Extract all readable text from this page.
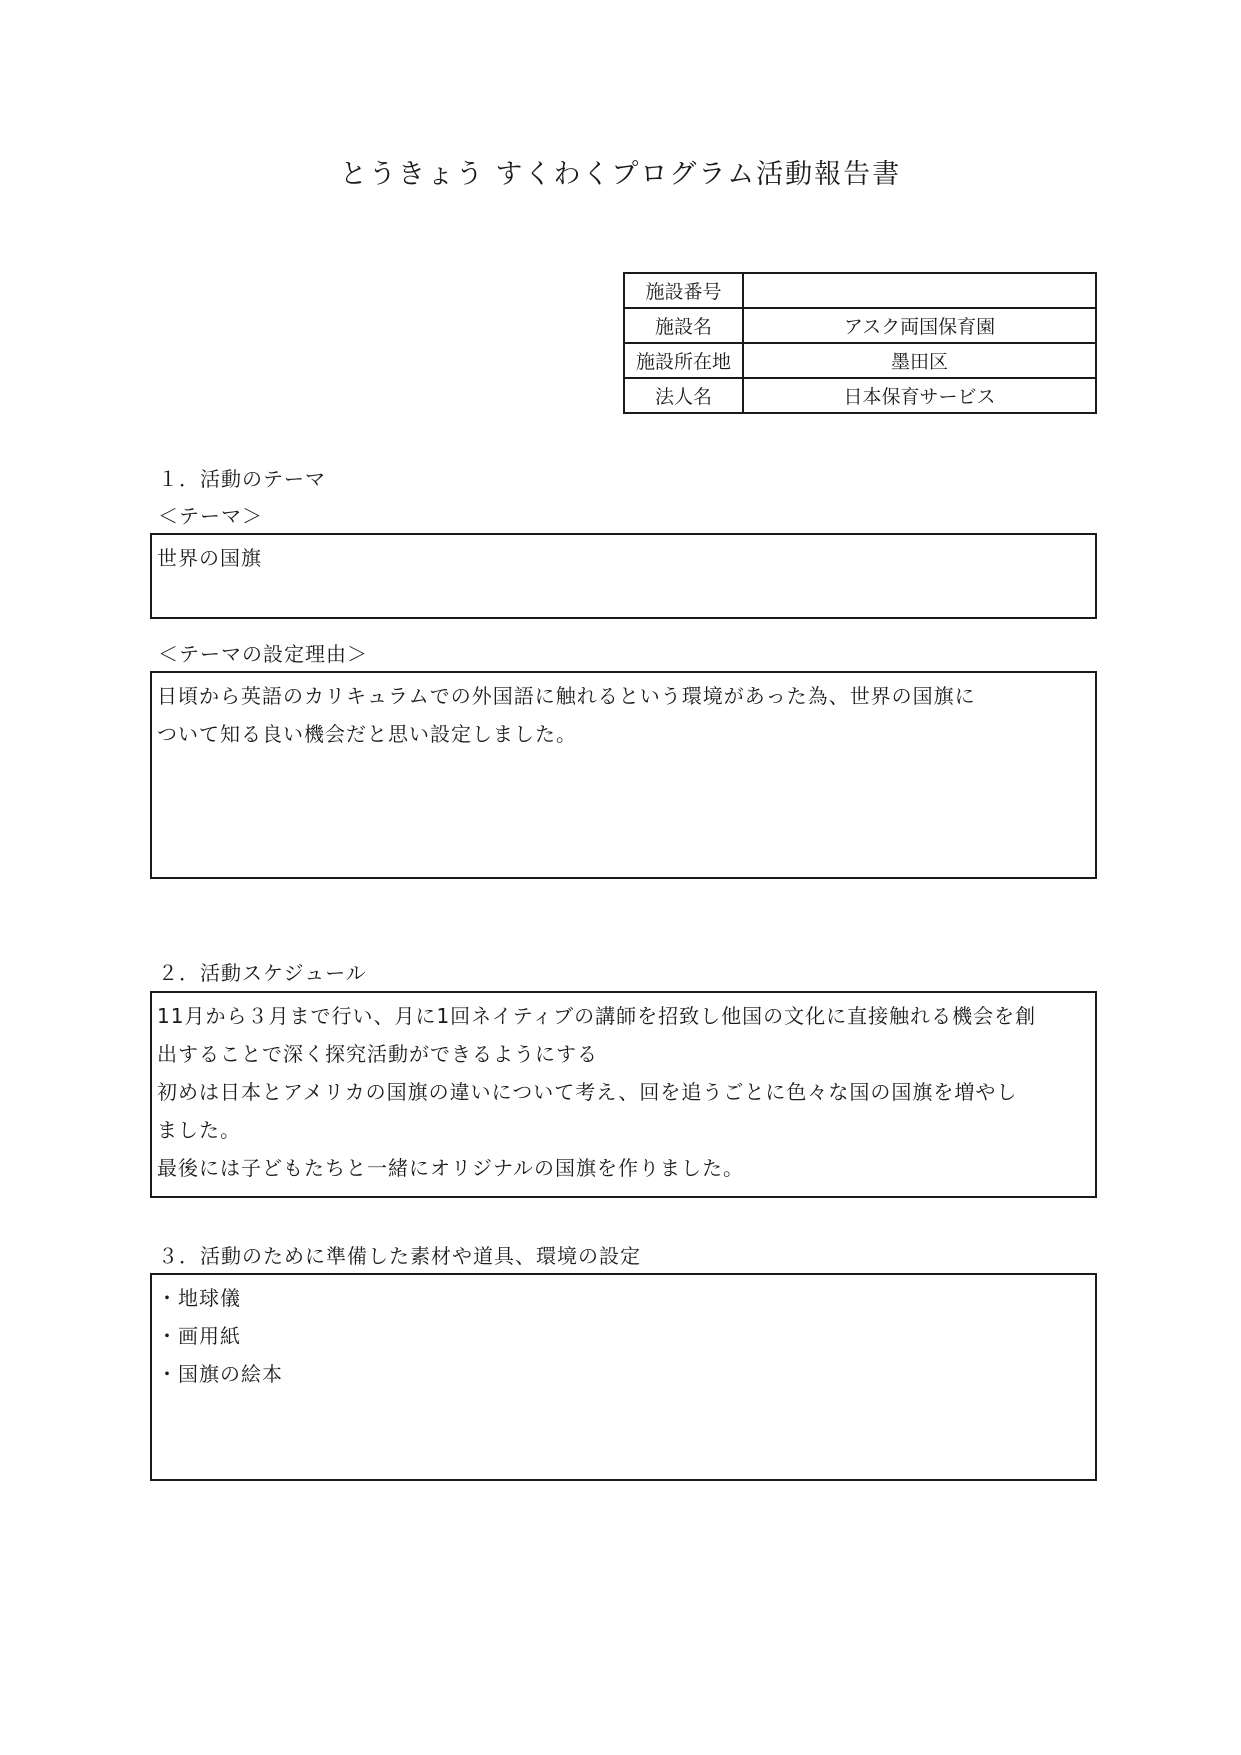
とうきょう すくわくプログラム活動報告書
施設番号	
施設名	アスク両国保育園
施設所在地	墨田区
法人名	日本保育サービス
１．活動のテーマ
＜テーマ＞
世界の国旗
＜テーマの設定理由＞
日頃から英語のカリキュラムでの外国語に触れるという環境があった為、世界の国旗に
ついて知る良い機会だと思い設定しました。
２．活動スケジュール
11月から３月まで行い、月に1回ネイティブの講師を招致し他国の文化に直接触れる機会を創
出することで深く探究活動ができるようにする
初めは日本とアメリカの国旗の違いについて考え、回を追うごとに色々な国の国旗を増やし
ました。
最後には子どもたちと一緒にオリジナルの国旗を作りました。
３．活動のために準備した素材や道具、環境の設定
・地球儀
・画用紙
・国旗の絵本
